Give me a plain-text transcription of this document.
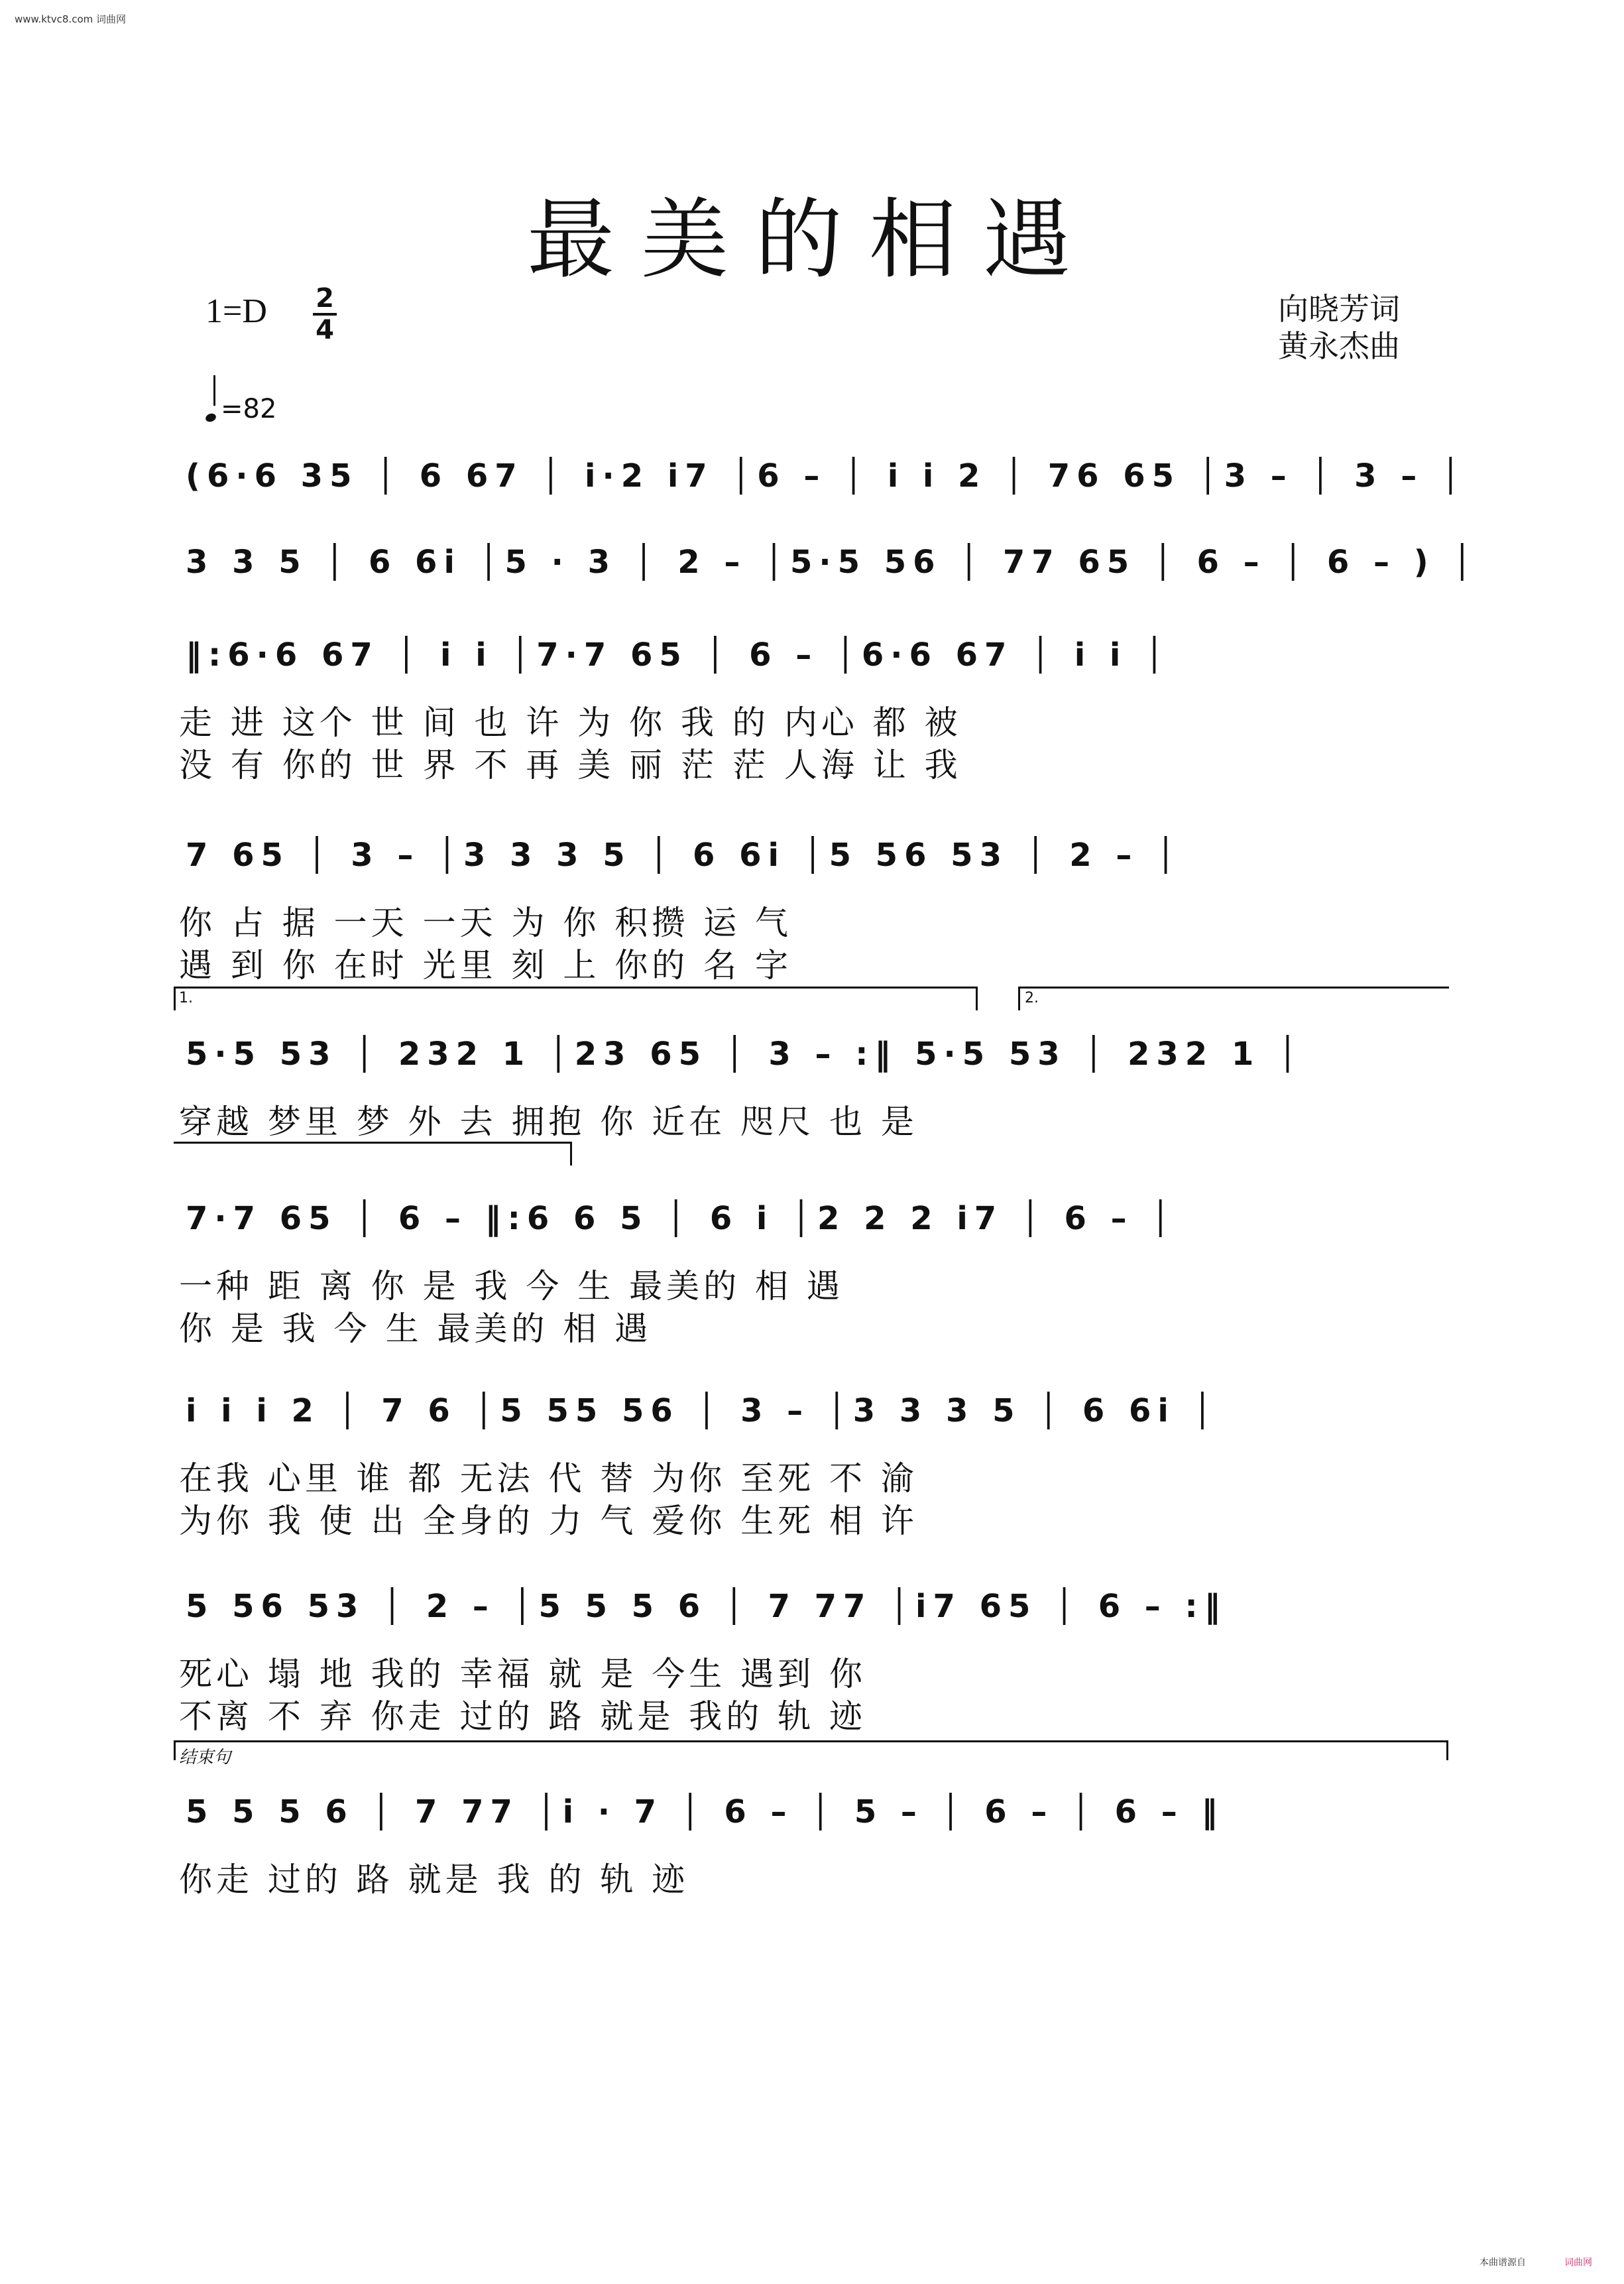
www.ktvc8.com 词曲网
最美的相遇
1=D 2
4
向晓芳词
黄永杰曲
=82
(6·6 35 │ 6 67 │ i·2 i7 │6 – │ i i 2 │ 76 65 │3 – │ 3 – │
3 3 5 │ 6 6i │5 · 3 │ 2 – │5·5 56 │ 77 65 │ 6 – │ 6 – ) │
‖:6·6 67 │ i i │7·7 65 │ 6 – │6·6 67 │ i i │
走 进 这个 世 间 也 许 为 你 我 的 内心 都 被
没 有 你的 世 界 不 再 美 丽 茫 茫 人海 让 我
7 65 │ 3 – │3 3 3 5 │ 6 6i │5 56 53 │ 2 – │
你 占 据 一天 一天 为 你 积攒 运 气
遇 到 你 在时 光里 刻 上 你的 名 字
5·5 53 │ 232 1 │23 65 │ 3 – :‖ 5·5 53 │ 232 1 │
穿越 梦里 梦 外 去 拥抱 你 近在 咫尺 也 是
7·7 65 │ 6 – ‖:6 6 5 │ 6 i │2 2 2 i7 │ 6 – │
一种 距 离 你 是 我 今 生 最美的 相 遇
你 是 我 今 生 最美的 相 遇
i i i 2 │ 7 6 │5 55 56 │ 3 – │3 3 3 5 │ 6 6i │
在我 心里 谁 都 无法 代 替 为你 至死 不 渝
为你 我 使 出 全身的 力 气 爱你 生死 相 许
5 56 53 │ 2 – │5 5 5 6 │ 7 77 │i7 65 │ 6 – :‖
死心 塌 地 我的 幸福 就 是 今生 遇到 你
不离 不 弃 你走 过的 路 就是 我的 轨 迹
5 5 5 6 │ 7 77 │i · 7 │ 6 – │ 5 – │ 6 – │ 6 – ‖
你走 过的 路 就是 我 的 轨 迹
1.	2.
结束句
本曲谱源自	词曲网
